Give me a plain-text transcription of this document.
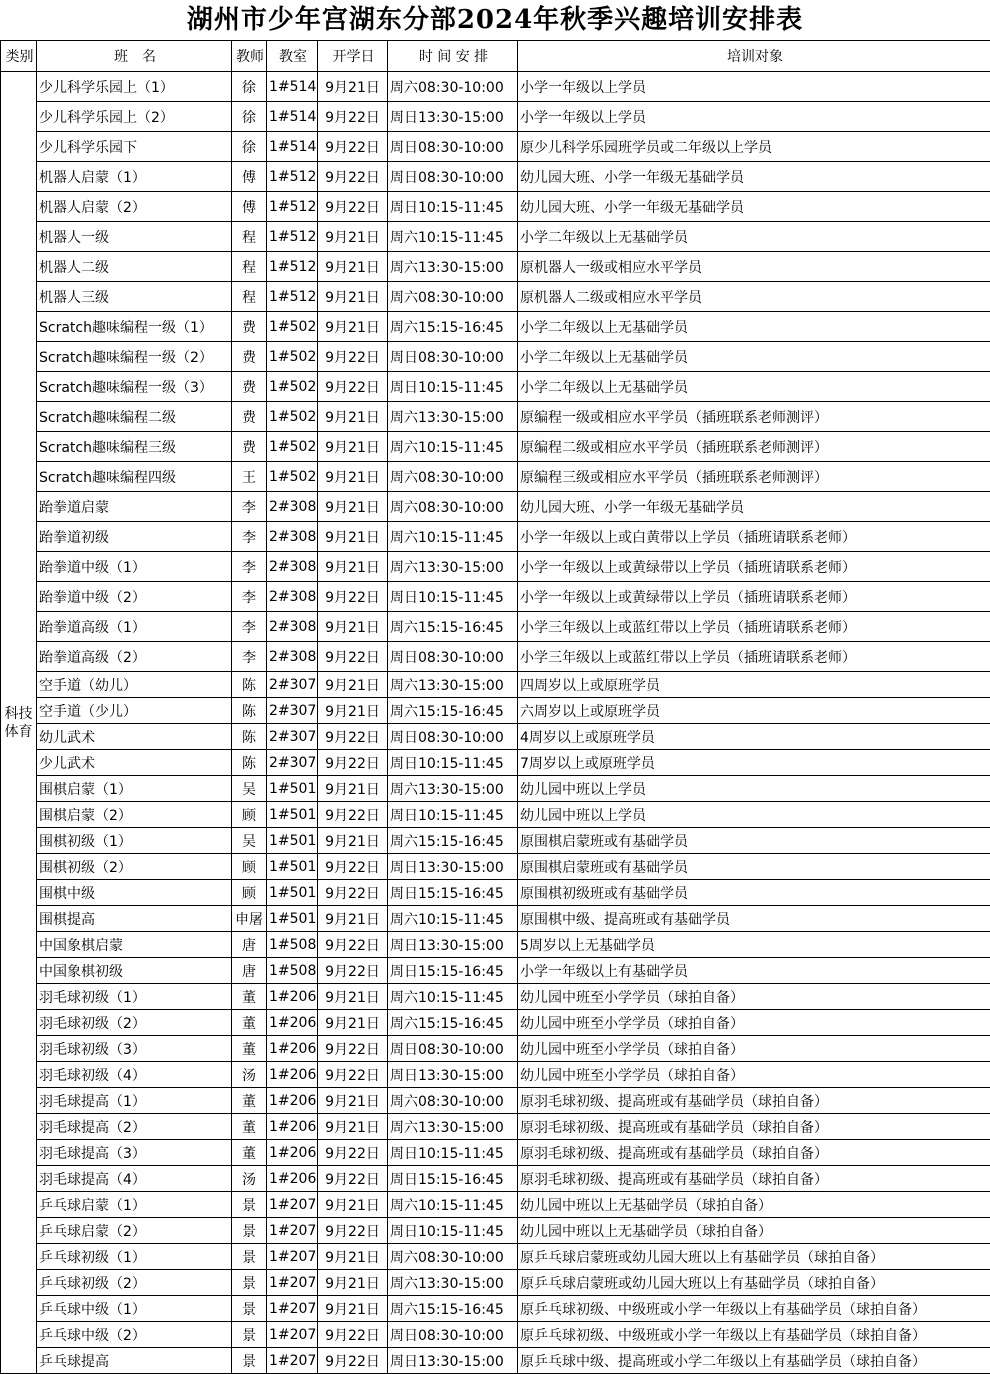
湖州市少年宫湖东分部2024年秋季兴趣培训安排表
类别	班　名	教师	教室	开学日	时 间 安 排	培训对象
科技体育	少儿科学乐园上（1）	徐	1#514	9月21日	周六08:30-10:00	小学一年级以上学员
	少儿科学乐园上（2）	徐	1#514	9月22日	周日13:30-15:00	小学一年级以上学员
	少儿科学乐园下	徐	1#514	9月22日	周日08:30-10:00	原少儿科学乐园班学员或二年级以上学员
	机器人启蒙（1）	傅	1#512	9月22日	周日08:30-10:00	幼儿园大班、小学一年级无基础学员
	机器人启蒙（2）	傅	1#512	9月22日	周日10:15-11:45	幼儿园大班、小学一年级无基础学员
	机器人一级	程	1#512	9月21日	周六10:15-11:45	小学二年级以上无基础学员
	机器人二级	程	1#512	9月21日	周六13:30-15:00	原机器人一级或相应水平学员
	机器人三级	程	1#512	9月21日	周六08:30-10:00	原机器人二级或相应水平学员
	Scratch趣味编程一级（1）	费	1#502	9月21日	周六15:15-16:45	小学二年级以上无基础学员
	Scratch趣味编程一级（2）	费	1#502	9月22日	周日08:30-10:00	小学二年级以上无基础学员
	Scratch趣味编程一级（3）	费	1#502	9月22日	周日10:15-11:45	小学二年级以上无基础学员
	Scratch趣味编程二级	费	1#502	9月21日	周六13:30-15:00	原编程一级或相应水平学员（插班联系老师测评）
	Scratch趣味编程三级	费	1#502	9月21日	周六10:15-11:45	原编程二级或相应水平学员（插班联系老师测评）
	Scratch趣味编程四级	王	1#502	9月21日	周六08:30-10:00	原编程三级或相应水平学员（插班联系老师测评）
	跆拳道启蒙	李	2#308	9月21日	周六08:30-10:00	幼儿园大班、小学一年级无基础学员
	跆拳道初级	李	2#308	9月21日	周六10:15-11:45	小学一年级以上或白黄带以上学员（插班请联系老师）
	跆拳道中级（1）	李	2#308	9月21日	周六13:30-15:00	小学一年级以上或黄绿带以上学员（插班请联系老师）
	跆拳道中级（2）	李	2#308	9月22日	周日10:15-11:45	小学一年级以上或黄绿带以上学员（插班请联系老师）
	跆拳道高级（1）	李	2#308	9月21日	周六15:15-16:45	小学三年级以上或蓝红带以上学员（插班请联系老师）
	跆拳道高级（2）	李	2#308	9月22日	周日08:30-10:00	小学三年级以上或蓝红带以上学员（插班请联系老师）
	空手道（幼儿）	陈	2#307	9月21日	周六13:30-15:00	四周岁以上或原班学员
	空手道（少儿）	陈	2#307	9月21日	周六15:15-16:45	六周岁以上或原班学员
	幼儿武术	陈	2#307	9月22日	周日08:30-10:00	4周岁以上或原班学员
	少儿武术	陈	2#307	9月22日	周日10:15-11:45	7周岁以上或原班学员
	围棋启蒙（1）	吴	1#501	9月21日	周六13:30-15:00	幼儿园中班以上学员
	围棋启蒙（2）	顾	1#501	9月22日	周日10:15-11:45	幼儿园中班以上学员
	围棋初级（1）	吴	1#501	9月21日	周六15:15-16:45	原围棋启蒙班或有基础学员
	围棋初级（2）	顾	1#501	9月22日	周日13:30-15:00	原围棋启蒙班或有基础学员
	围棋中级	顾	1#501	9月22日	周日15:15-16:45	原围棋初级班或有基础学员
	围棋提高	申屠	1#501	9月21日	周六10:15-11:45	原围棋中级、提高班或有基础学员
	中国象棋启蒙	唐	1#508	9月22日	周日13:30-15:00	5周岁以上无基础学员
	中国象棋初级	唐	1#508	9月22日	周日15:15-16:45	小学一年级以上有基础学员
	羽毛球初级（1）	董	1#206	9月21日	周六10:15-11:45	幼儿园中班至小学学员（球拍自备）
	羽毛球初级（2）	董	1#206	9月21日	周六15:15-16:45	幼儿园中班至小学学员（球拍自备）
	羽毛球初级（3）	董	1#206	9月22日	周日08:30-10:00	幼儿园中班至小学学员（球拍自备）
	羽毛球初级（4）	汤	1#206	9月22日	周日13:30-15:00	幼儿园中班至小学学员（球拍自备）
	羽毛球提高（1）	董	1#206	9月21日	周六08:30-10:00	原羽毛球初级、提高班或有基础学员（球拍自备）
	羽毛球提高（2）	董	1#206	9月21日	周六13:30-15:00	原羽毛球初级、提高班或有基础学员（球拍自备）
	羽毛球提高（3）	董	1#206	9月22日	周日10:15-11:45	原羽毛球初级、提高班或有基础学员（球拍自备）
	羽毛球提高（4）	汤	1#206	9月22日	周日15:15-16:45	原羽毛球初级、提高班或有基础学员（球拍自备）
	乒乓球启蒙（1）	景	1#207	9月21日	周六10:15-11:45	幼儿园中班以上无基础学员（球拍自备）
	乒乓球启蒙（2）	景	1#207	9月22日	周日10:15-11:45	幼儿园中班以上无基础学员（球拍自备）
	乒乓球初级（1）	景	1#207	9月21日	周六08:30-10:00	原乒乓球启蒙班或幼儿园大班以上有基础学员（球拍自备）
	乒乓球初级（2）	景	1#207	9月21日	周六13:30-15:00	原乒乓球启蒙班或幼儿园大班以上有基础学员（球拍自备）
	乒乓球中级（1）	景	1#207	9月21日	周六15:15-16:45	原乒乓球初级、中级班或小学一年级以上有基础学员（球拍自备）
	乒乓球中级（2）	景	1#207	9月22日	周日08:30-10:00	原乒乓球初级、中级班或小学一年级以上有基础学员（球拍自备）
	乒乓球提高	景	1#207	9月22日	周日13:30-15:00	原乒乓球中级、提高班或小学二年级以上有基础学员（球拍自备）
